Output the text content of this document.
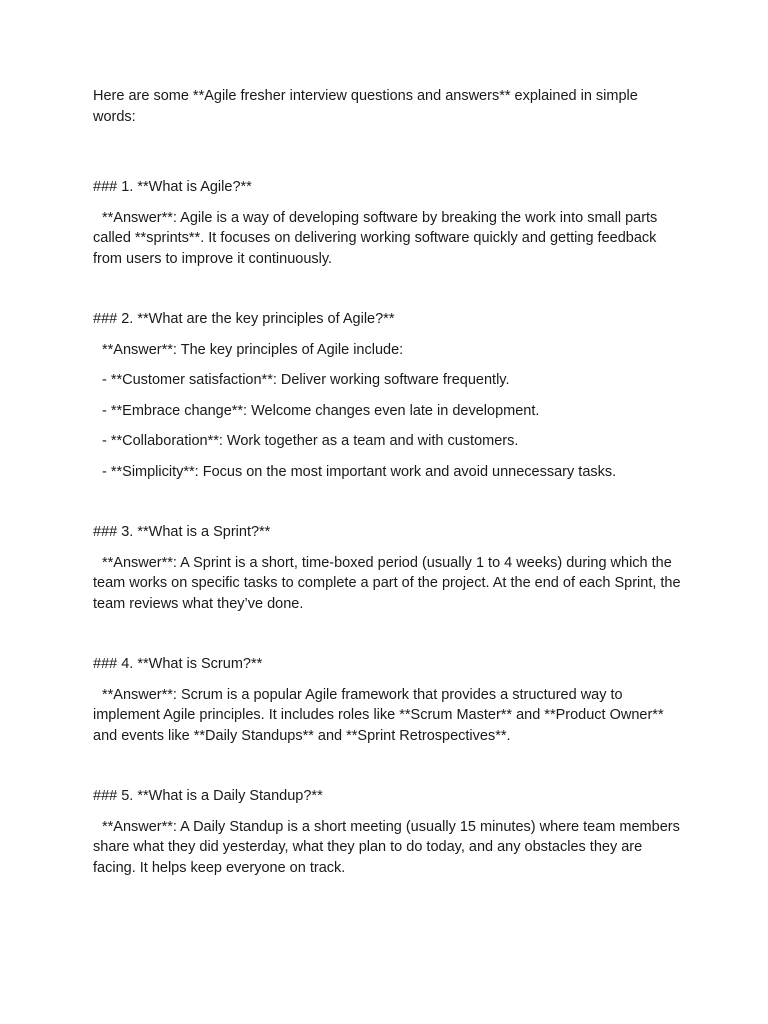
Here are some **Agile fresher interview questions and answers** explained in simple words:

### 1. **What is Agile?**

**Answer**: Agile is a way of developing software by breaking the work into small parts called **sprints**. It focuses on delivering working software quickly and getting feedback from users to improve it continuously.

### 2. **What are the key principles of Agile?**

**Answer**: The key principles of Agile include:

- **Customer satisfaction**: Deliver working software frequently.

- **Embrace change**: Welcome changes even late in development.

- **Collaboration**: Work together as a team and with customers.

- **Simplicity**: Focus on the most important work and avoid unnecessary tasks.

### 3. **What is a Sprint?**

**Answer**: A Sprint is a short, time-boxed period (usually 1 to 4 weeks) during which the team works on specific tasks to complete a part of the project. At the end of each Sprint, the team reviews what they’ve done.

### 4. **What is Scrum?**

**Answer**: Scrum is a popular Agile framework that provides a structured way to implement Agile principles. It includes roles like **Scrum Master** and **Product Owner** and events like **Daily Standups** and **Sprint Retrospectives**.

### 5. **What is a Daily Standup?**

**Answer**: A Daily Standup is a short meeting (usually 15 minutes) where team members share what they did yesterday, what they plan to do today, and any obstacles they are facing. It helps keep everyone on track.
